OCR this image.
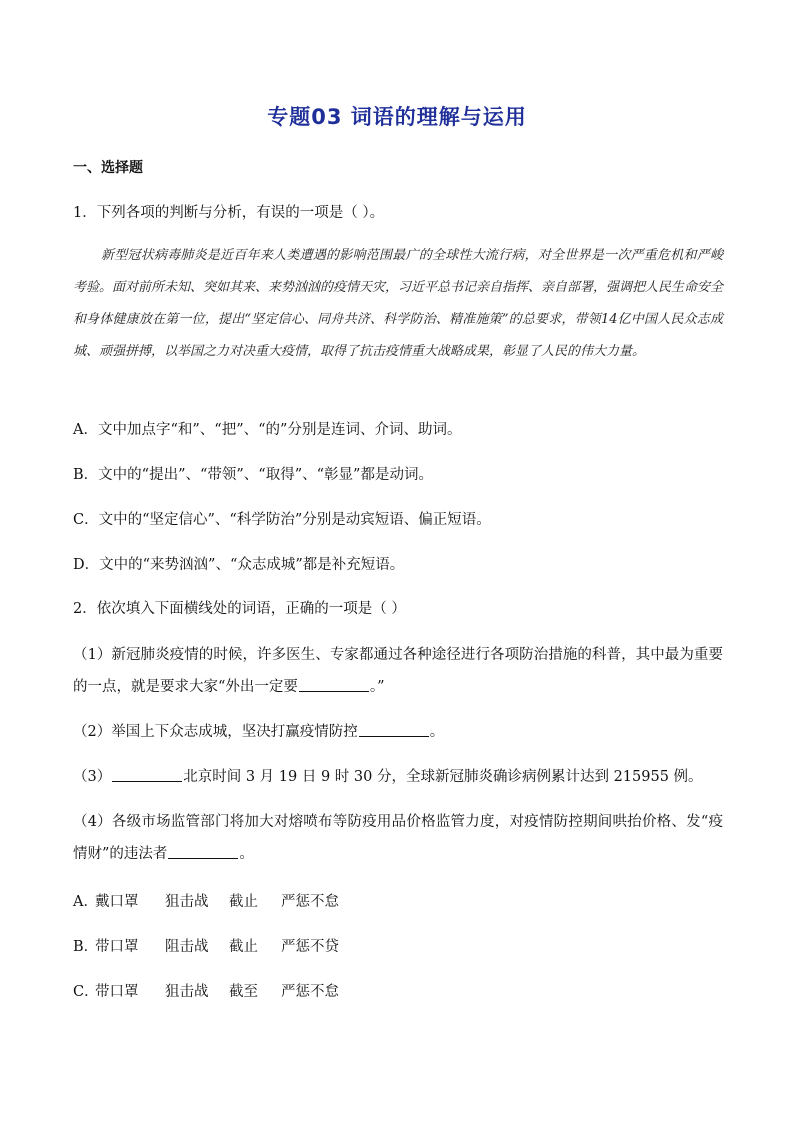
专题03 词语的理解与运用
一、选择题
1．下列各项的判断与分析，有误的一项是（ ）。
新型冠状病毒肺炎是近百年来人类遭遇的影响范围最广的全球性大流行病，对全世界是一次严重危机和严峻考验。面对前所未知、突如其来、来势汹汹的疫情天灾，习近平总书记亲自指挥、亲自部署，强调把人民生命安全和身体健康放在第一位，提出“坚定信心、同舟共济、科学防治、精准施策”的总要求，带领14亿中国人民众志成城、顽强拼搏，以举国之力对决重大疫情，取得了抗击疫情重大战略成果，彰显了人民的伟大力量。
A．文中加点字“和”、“把”、“的”分别是连词、介词、助词。
B．文中的“提出”、“带领”、“取得”、“彰显”都是动词。
C．文中的“坚定信心”、“科学防治”分别是动宾短语、偏正短语。
D．文中的“来势汹汹”、“众志成城”都是补充短语。
2．依次填入下面横线处的词语，正确的一项是（ ）
（1）新冠肺炎疫情的时候，许多医生、专家都通过各种途径进行各项防治措施的科普，其中最为重要的一点，就是要求大家“外出一定要	。”
（2）举国上下众志成城，坚决打赢疫情防控	。
（3）	北京时间 3 月 19 日 9 时 30 分，全球新冠肺炎确诊病例累计达到 215955 例。
（4）各级市场监管部门将加大对熔喷布等防疫用品价格监管力度，对疫情防控期间哄抬价格、发“疫情财”的违法者	。
A．戴口罩 狙击战 截止 严惩不怠
B．带口罩 阻击战 截止 严惩不贷
C．带口罩 狙击战 截至 严惩不怠
